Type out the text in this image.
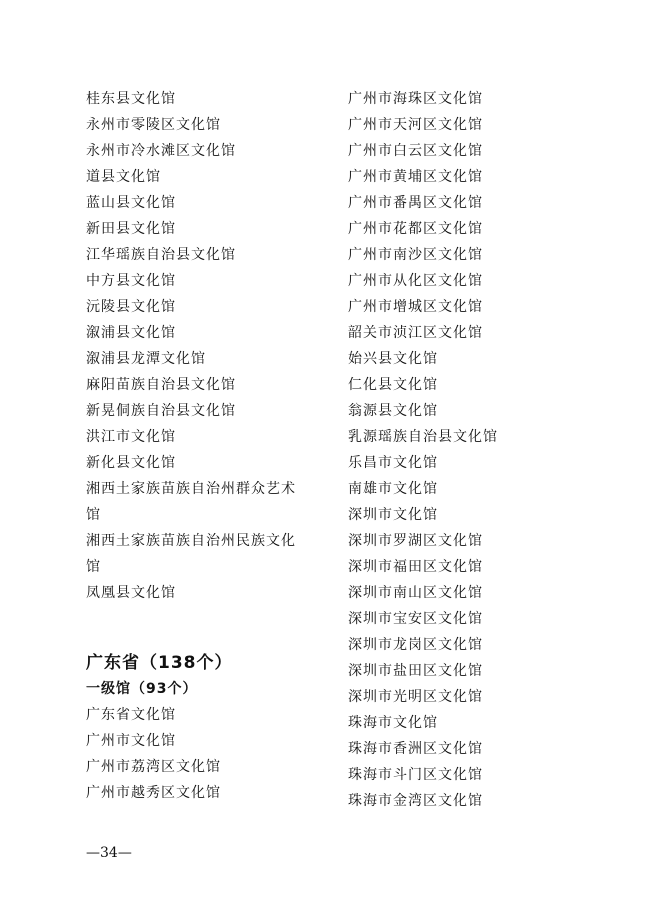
桂东县文化馆
永州市零陵区文化馆
永州市冷水滩区文化馆
道县文化馆
蓝山县文化馆
新田县文化馆
江华瑶族自治县文化馆
中方县文化馆
沅陵县文化馆
溆浦县文化馆
溆浦县龙潭文化馆
麻阳苗族自治县文化馆
新晃侗族自治县文化馆
洪江市文化馆
新化县文化馆
湘西土家族苗族自治州群众艺术
馆
湘西土家族苗族自治州民族文化
馆
凤凰县文化馆
广东省（138个）
一级馆（93个）
广东省文化馆
广州市文化馆
广州市荔湾区文化馆
广州市越秀区文化馆
广州市海珠区文化馆
广州市天河区文化馆
广州市白云区文化馆
广州市黄埔区文化馆
广州市番禺区文化馆
广州市花都区文化馆
广州市南沙区文化馆
广州市从化区文化馆
广州市增城区文化馆
韶关市浈江区文化馆
始兴县文化馆
仁化县文化馆
翁源县文化馆
乳源瑶族自治县文化馆
乐昌市文化馆
南雄市文化馆
深圳市文化馆
深圳市罗湖区文化馆
深圳市福田区文化馆
深圳市南山区文化馆
深圳市宝安区文化馆
深圳市龙岗区文化馆
深圳市盐田区文化馆
深圳市光明区文化馆
珠海市文化馆
珠海市香洲区文化馆
珠海市斗门区文化馆
珠海市金湾区文化馆
—34—
